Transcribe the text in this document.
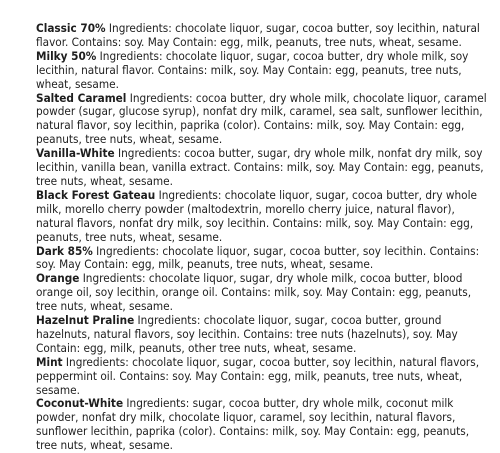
Classic 70% Ingredients: chocolate liquor, sugar, cocoa butter, soy lecithin, natural flavor. Contains: soy. May Contain: egg, milk, peanuts, tree nuts, wheat, sesame.

Milky 50% Ingredients: chocolate liquor, sugar, cocoa butter, dry whole milk, soy lecithin, natural flavor. Contains: milk, soy. May Contain: egg, peanuts, tree nuts, wheat, sesame.

Salted Caramel Ingredients: cocoa butter, dry whole milk, chocolate liquor, caramel powder (sugar, glucose syrup), nonfat dry milk, caramel, sea salt, sunflower lecithin, natural flavor, soy lecithin, paprika (color). Contains: milk, soy. May Contain: egg, peanuts, tree nuts, wheat, sesame.

Vanilla-White Ingredients: cocoa butter, sugar, dry whole milk, nonfat dry milk, soy lecithin, vanilla bean, vanilla extract. Contains: milk, soy. May Contain: egg, peanuts, tree nuts, wheat, sesame.

Black Forest Gateau Ingredients: chocolate liquor, sugar, cocoa butter, dry whole milk, morello cherry powder (maltodextrin, morello cherry juice, natural flavor), natural flavors, nonfat dry milk, soy lecithin. Contains: milk, soy. May Contain: egg, peanuts, tree nuts, wheat, sesame.

Dark 85% Ingredients: chocolate liquor, sugar, cocoa butter, soy lecithin. Contains: soy. May Contain: egg, milk, peanuts, tree nuts, wheat, sesame.

Orange Ingredients: chocolate liquor, sugar, dry whole milk, cocoa butter, blood orange oil, soy lecithin, orange oil. Contains: milk, soy. May Contain: egg, peanuts, tree nuts, wheat, sesame.

Hazelnut Praline Ingredients: chocolate liquor, sugar, cocoa butter, ground hazelnuts, natural flavors, soy lecithin. Contains: tree nuts (hazelnuts), soy. May Contain: egg, milk, peanuts, other tree nuts, wheat, sesame.

Mint Ingredients: chocolate liquor, sugar, cocoa butter, soy lecithin, natural flavors, peppermint oil. Contains: soy. May Contain: egg, milk, peanuts, tree nuts, wheat, sesame.

Coconut-White Ingredients: sugar, cocoa butter, dry whole milk, coconut milk powder, nonfat dry milk, chocolate liquor, caramel, soy lecithin, natural flavors, sunflower lecithin, paprika (color). Contains: milk, soy. May Contain: egg, peanuts, tree nuts, wheat, sesame.
